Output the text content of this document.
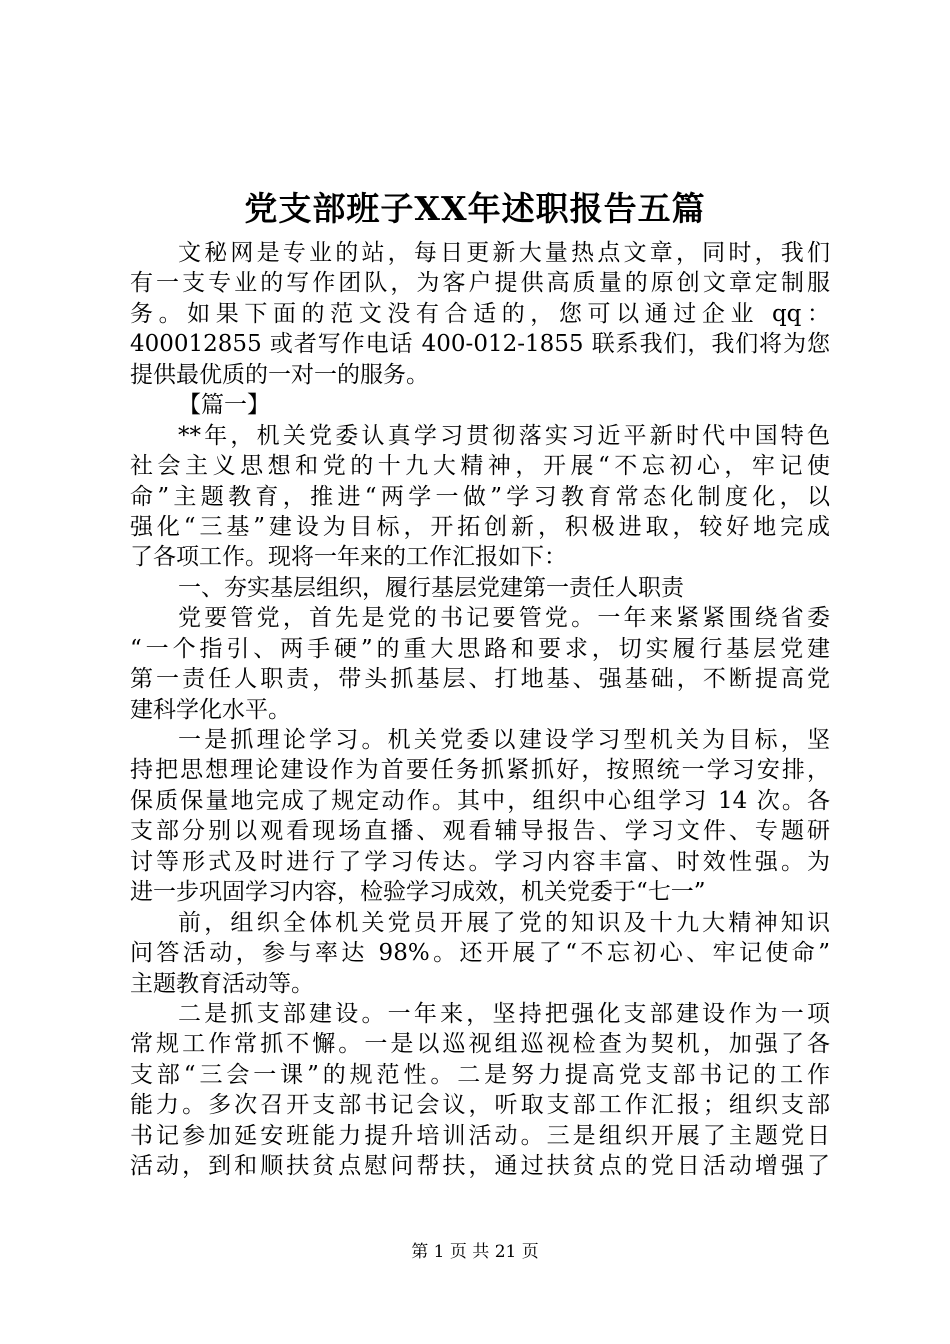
党支部班子XX年述职报告五篇
文秘网是专业的站，每日更新大量热点文章，同时，我们
有一支专业的写作团队，为客户提供高质量的原创文章定制服
务。如果下面的范文没有合适的，您可以通过企业 qq：
400012855 或者写作电话 400-012-1855 联系我们，我们将为您
提供最优质的一对一的服务。
【篇一】
**年，机关党委认真学习贯彻落实习近平新时代中国特色
社会主义思想和党的十九大精神，开展“不忘初心，牢记使
命”主题教育，推进“两学一做”学习教育常态化制度化，以
强化“三基”建设为目标，开拓创新，积极进取，较好地完成
了各项工作。现将一年来的工作汇报如下：
一、夯实基层组织，履行基层党建第一责任人职责
党要管党，首先是党的书记要管党。一年来紧紧围绕省委
“一个指引、两手硬”的重大思路和要求，切实履行基层党建
第一责任人职责，带头抓基层、打地基、强基础，不断提高党
建科学化水平。
一是抓理论学习。机关党委以建设学习型机关为目标，坚
持把思想理论建设作为首要任务抓紧抓好，按照统一学习安排，
保质保量地完成了规定动作。其中，组织中心组学习 14 次。各
支部分别以观看现场直播、观看辅导报告、学习文件、专题研
讨等形式及时进行了学习传达。学习内容丰富、时效性强。为
进一步巩固学习内容，检验学习成效，机关党委于“七一”
前，组织全体机关党员开展了党的知识及十九大精神知识
问答活动，参与率达 98%。还开展了“不忘初心、牢记使命”
主题教育活动等。
二是抓支部建设。一年来，坚持把强化支部建设作为一项
常规工作常抓不懈。一是以巡视组巡视检查为契机，加强了各
支部“三会一课”的规范性。二是努力提高党支部书记的工作
能力。多次召开支部书记会议，听取支部工作汇报；组织支部
书记参加延安班能力提升培训活动。三是组织开展了主题党日
活动，到和顺扶贫点慰问帮扶，通过扶贫点的党日活动增强了
第 1 页 共 21 页
